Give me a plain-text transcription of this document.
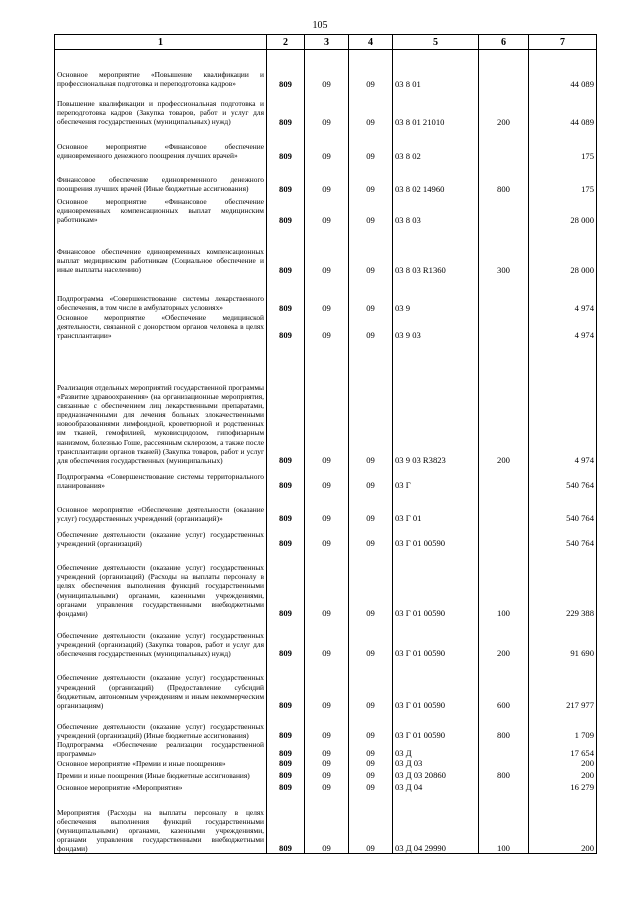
105
1	2	3	4	5	6	7
Основное мероприятие «Повышение квалификации и профессиональная подготовка и переподготовка кадров»	809	09	09	03 8 01		44 089
Повышение квалификации и профессиональная подготовка и переподготовка кадров (Закупка товаров, работ и услуг для обеспечения государственных (муниципальных) нужд)	809	09	09	03 8 01 21010	200	44 089
Основное мероприятие «Финансовое обеспечение единовременного денежного поощрения лучших врачей»	809	09	09	03 8 02		175
Финансовое обеспечение единовременного денежного поощрения лучших врачей (Иные бюджетные ассигнования)	809	09	09	03 8 02 14960	800	175
Основное мероприятие «Финансовое обеспечение единовременных компенсационных выплат медицинским работникам»	809	09	09	03 8 03		28 000
Финансовое обеспечение единовременных компенсационных выплат медицинским работникам (Социальное обеспечение и иные выплаты населению)	809	09	09	03 8 03 R1360	300	28 000
Подпрограмма «Совершенствование системы лекарственного обеспечения, в том числе в амбулаторных условиях»	809	09	09	03 9		4 974
Основное мероприятие «Обеспечение медицинской деятельности, связанной с донорством органов человека в целях трансплантации»	809	09	09	03 9 03		4 974
Реализация отдельных мероприятий государственной программы «Развитие здравоохранения» (на организационные мероприятия, связанные с обеспечением лиц лекарственными препаратами, предназначенными для лечения больных злокачественными новообразованиями лимфоидной, кроветворной и родственных им тканей, гемофилией, муковисцидозом, гипофизарным нанизмом, болезнью Гоше, рассеянным склерозом, а также после трансплантации органов тканей) (Закупка товаров, работ и услуг для обеспечения государственных (муниципальных)	809	09	09	03 9 03 R3823	200	4 974
Подпрограмма «Совершенствование системы территориального планирования»	809	09	09	03 Г		540 764
Основное мероприятие «Обеспечение деятельности (оказание услуг) государственных учреждений (организаций)»	809	09	09	03 Г 01		540 764
Обеспечение деятельности (оказание услуг) государственных учреждений (организаций)	809	09	09	03 Г 01 00590		540 764
Обеспечение деятельности (оказание услуг) государственных учреждений (организаций) (Расходы на выплаты персоналу в целях обеспечения выполнения функций государственными (муниципальными) органами, казенными учреждениями, органами управления государственными внебюджетными фондами)	809	09	09	03 Г 01 00590	100	229 388
Обеспечение деятельности (оказание услуг) государственных учреждений (организаций) (Закупка товаров, работ и услуг для обеспечения государственных (муниципальных) нужд)	809	09	09	03 Г 01 00590	200	91 690
Обеспечение деятельности (оказание услуг) государственных учреждений (организаций) (Предоставление субсидий бюджетным, автономным учреждениям и иным некоммерческим организациям)	809	09	09	03 Г 01 00590	600	217 977
Обеспечение деятельности (оказание услуг) государственных учреждений (организаций) (Иные бюджетные ассигнования)	809	09	09	03 Г 01 00590	800	1 709
Подпрограмма «Обеспечение реализации государственной программы»	809	09	09	03 Д		17 654
Основное мероприятие «Премии и иные поощрения»	809	09	09	03 Д 03		200
Премии и иные поощрения (Иные бюджетные ассигнования)	809	09	09	03 Д 03 20860	800	200
Основное мероприятие «Мероприятия»	809	09	09	03 Д 04		16 279
Мероприятия (Расходы на выплаты персоналу в целях обеспечения выполнения функций государственными (муниципальными) органами, казенными учреждениями, органами управления государственными внебюджетными фондами)	809	09	09	03 Д 04 29990	100	200
